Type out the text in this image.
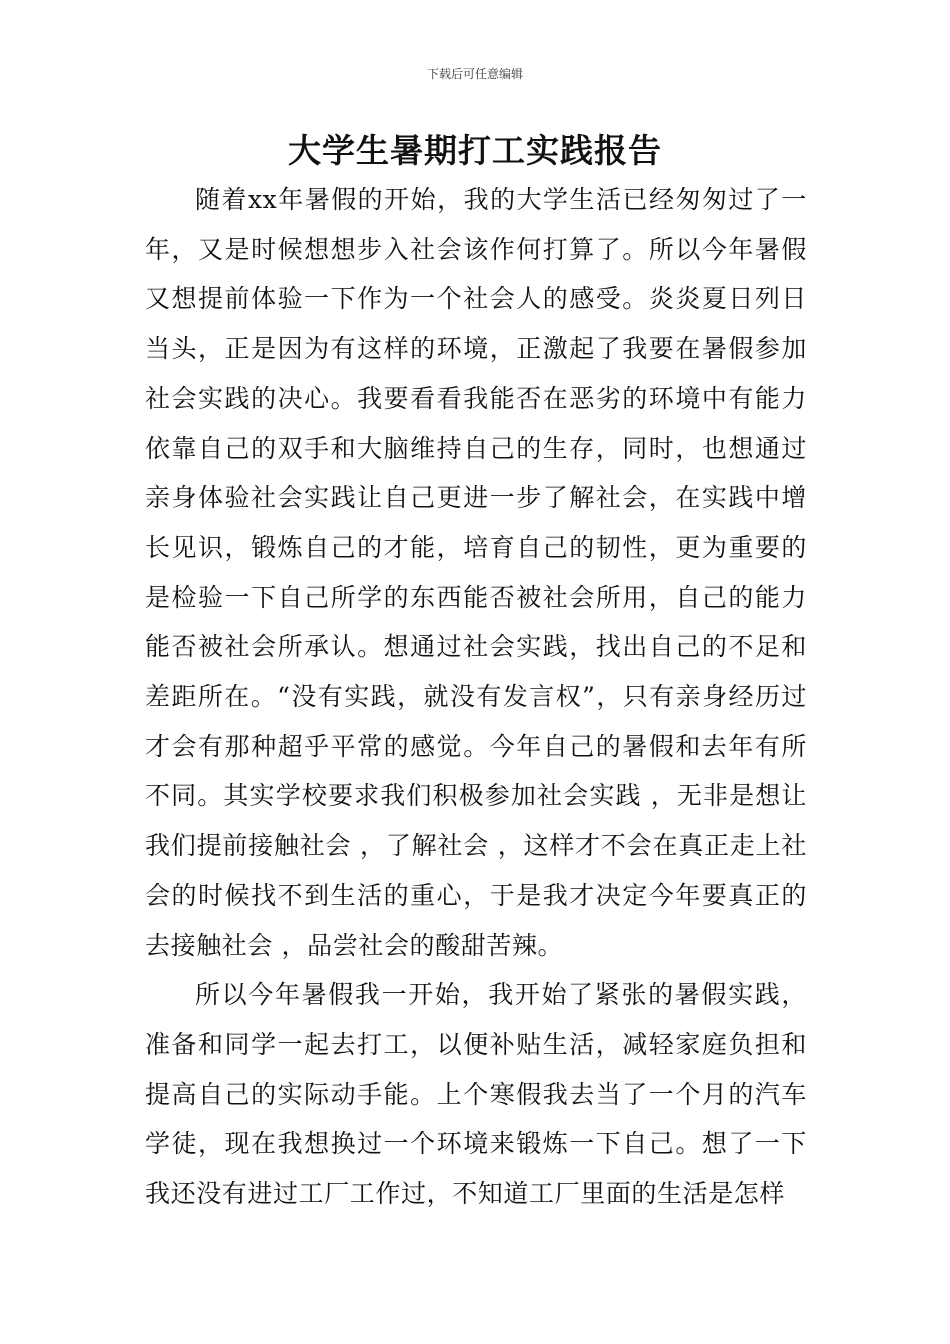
下载后可任意编辑
大学生暑期打工实践报告

随着xx年暑假的开始，我的大学生活已经匆匆过了一年，又是时候想想步入社会该作何打算了。所以今年暑假又想提前体验一下作为一个社会人的感受。炎炎夏日列日当头，正是因为有这样的环境，正激起了我要在暑假参加社会实践的决心。我要看看我能否在恶劣的环境中有能力依靠自己的双手和大脑维持自己的生存，同时，也想通过亲身体验社会实践让自己更进一步了解社会，在实践中增长见识，锻炼自己的才能，培育自己的韧性，更为重要的是检验一下自己所学的东西能否被社会所用，自己的能力能否被社会所承认。想通过社会实践，找出自己的不足和差距所在。“没有实践，就没有发言权”，只有亲身经历过才会有那种超乎平常的感觉。今年自己的暑假和去年有所不同。其实学校要求我们积极参加社会实践 ，无非是想让我们提前接触社会 ，了解社会 ，这样才不会在真正走上社会的时候找不到生活的重心，于是我才决定今年要真正的去接触社会 ，品尝社会的酸甜苦辣。

所以今年暑假我一开始，我开始了紧张的暑假实践，准备和同学一起去打工，以便补贴生活，减轻家庭负担和提高自己的实际动手能。上个寒假我去当了一个月的汽车学徒，现在我想换过一个环境来锻炼一下自己。想了一下我还没有进过工厂工作过，不知道工厂里面的生活是怎样
